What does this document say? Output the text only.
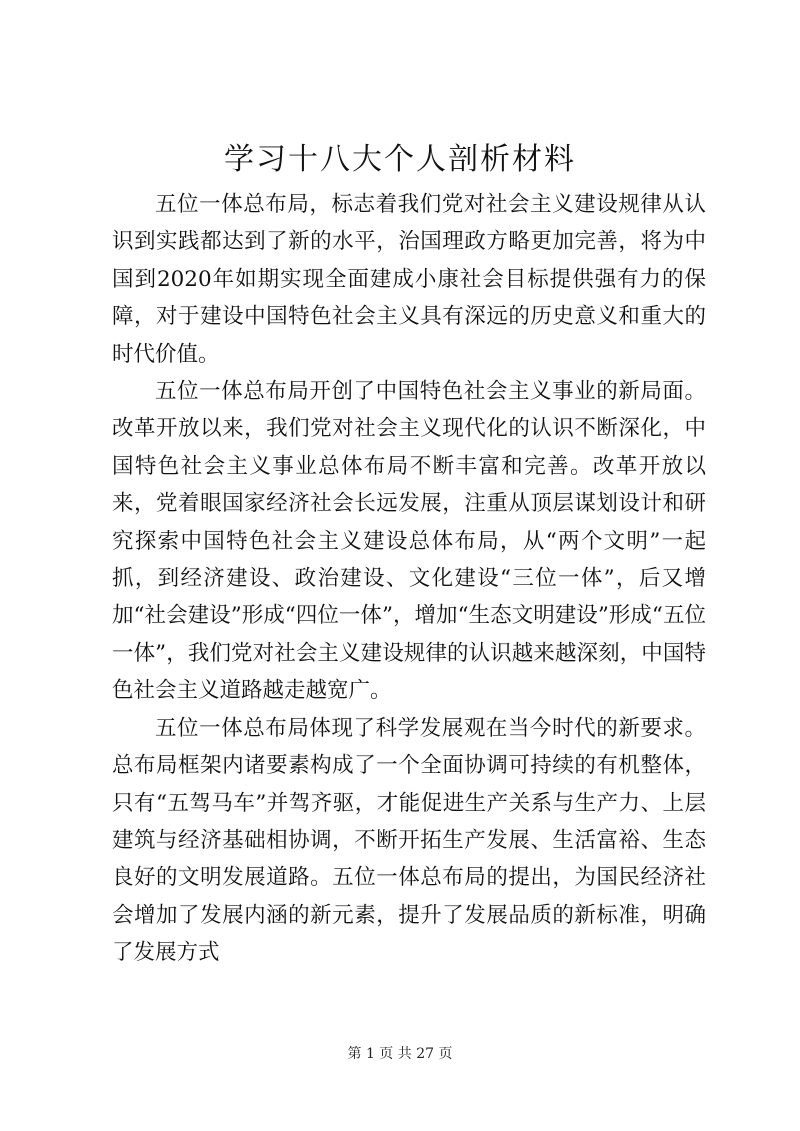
学习十八大个人剖析材料

五位一体总布局，标志着我们党对社会主义建设规律从认识到实践都达到了新的水平，治国理政方略更加完善，将为中国到2020年如期实现全面建成小康社会目标提供强有力的保障，对于建设中国特色社会主义具有深远的历史意义和重大的时代价值。

五位一体总布局开创了中国特色社会主义事业的新局面。改革开放以来，我们党对社会主义现代化的认识不断深化，中国特色社会主义事业总体布局不断丰富和完善。改革开放以来，党着眼国家经济社会长远发展，注重从顶层谋划设计和研究探索中国特色社会主义建设总体布局，从“两个文明”一起抓，到经济建设、政治建设、文化建设“三位一体”，后又增加“社会建设”形成“四位一体”，增加“生态文明建设”形成“五位一体”，我们党对社会主义建设规律的认识越来越深刻，中国特色社会主义道路越走越宽广。

五位一体总布局体现了科学发展观在当今时代的新要求。总布局框架内诸要素构成了一个全面协调可持续的有机整体，只有“五驾马车”并驾齐驱，才能促进生产关系与生产力、上层建筑与经济基础相协调，不断开拓生产发展、生活富裕、生态良好的文明发展道路。五位一体总布局的提出，为国民经济社会增加了发展内涵的新元素，提升了发展品质的新标准，明确了发展方式

第 1 页 共 27 页
